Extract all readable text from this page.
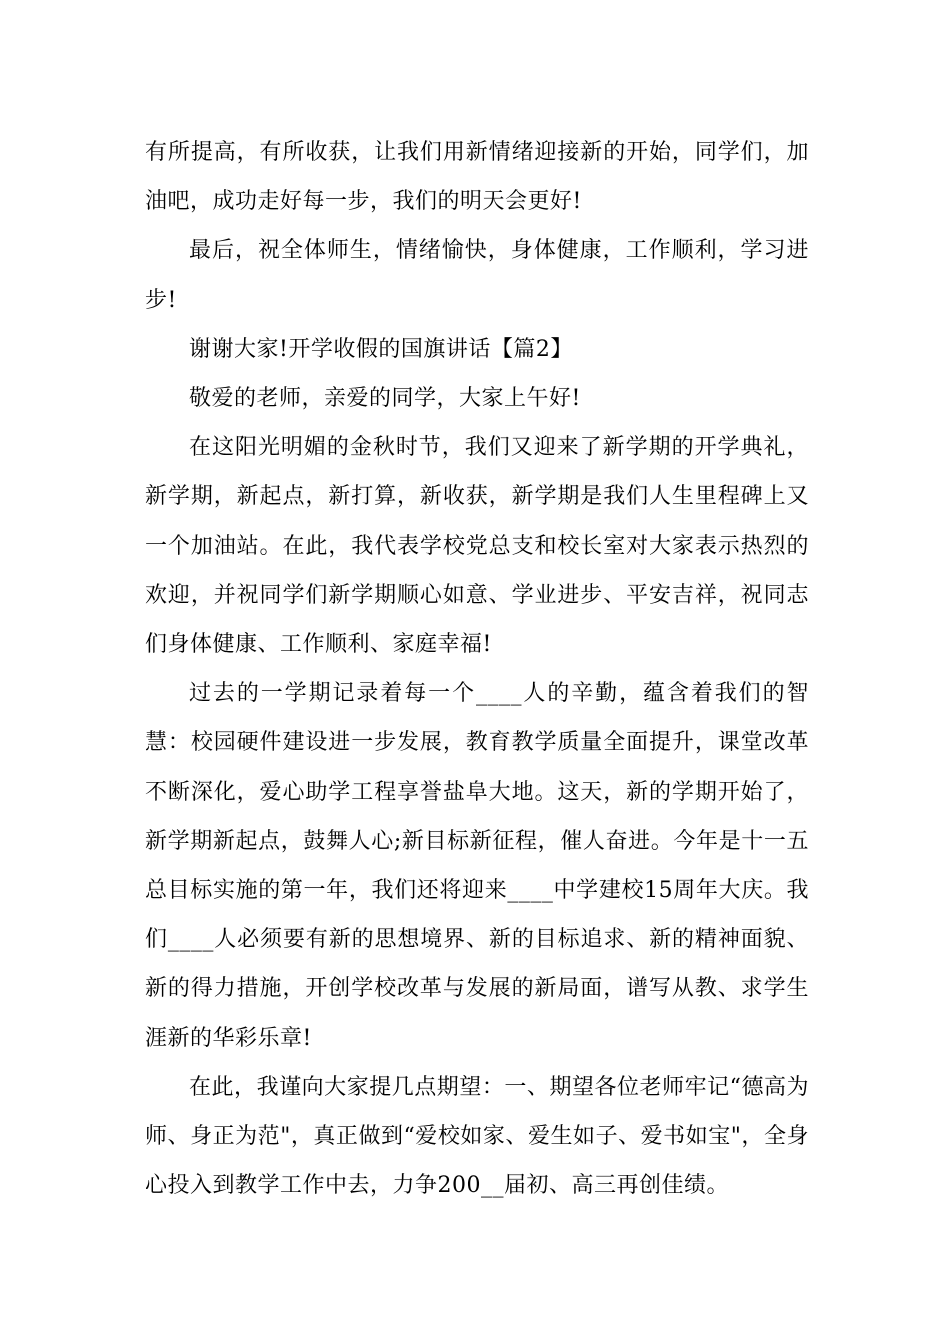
有所提高，有所收获，让我们用新情绪迎接新的开始，同学们，加油吧，成功走好每一步，我们的明天会更好!

最后，祝全体师生，情绪愉快，身体健康，工作顺利，学习进步!

谢谢大家!开学收假的国旗讲话【篇2】

敬爱的老师，亲爱的同学，大家上午好!

在这阳光明媚的金秋时节，我们又迎来了新学期的开学典礼，新学期，新起点，新打算，新收获，新学期是我们人生里程碑上又一个加油站。在此，我代表学校党总支和校长室对大家表示热烈的欢迎，并祝同学们新学期顺心如意、学业进步、平安吉祥，祝同志们身体健康、工作顺利、家庭幸福!

过去的一学期记录着每一个____人的辛勤，蕴含着我们的智慧：校园硬件建设进一步发展，教育教学质量全面提升，课堂改革不断深化，爱心助学工程享誉盐阜大地。这天，新的学期开始了，新学期新起点，鼓舞人心;新目标新征程，催人奋进。今年是十一五总目标实施的第一年，我们还将迎来____中学建校15周年大庆。我们____人必须要有新的思想境界、新的目标追求、新的精神面貌、新的得力措施，开创学校改革与发展的新局面，谱写从教、求学生涯新的华彩乐章!

在此，我谨向大家提几点期望：一、期望各位老师牢记“德高为师、身正为范"，真正做到“爱校如家、爱生如子、爱书如宝"，全身心投入到教学工作中去，力争200__届初、高三再创佳绩。
